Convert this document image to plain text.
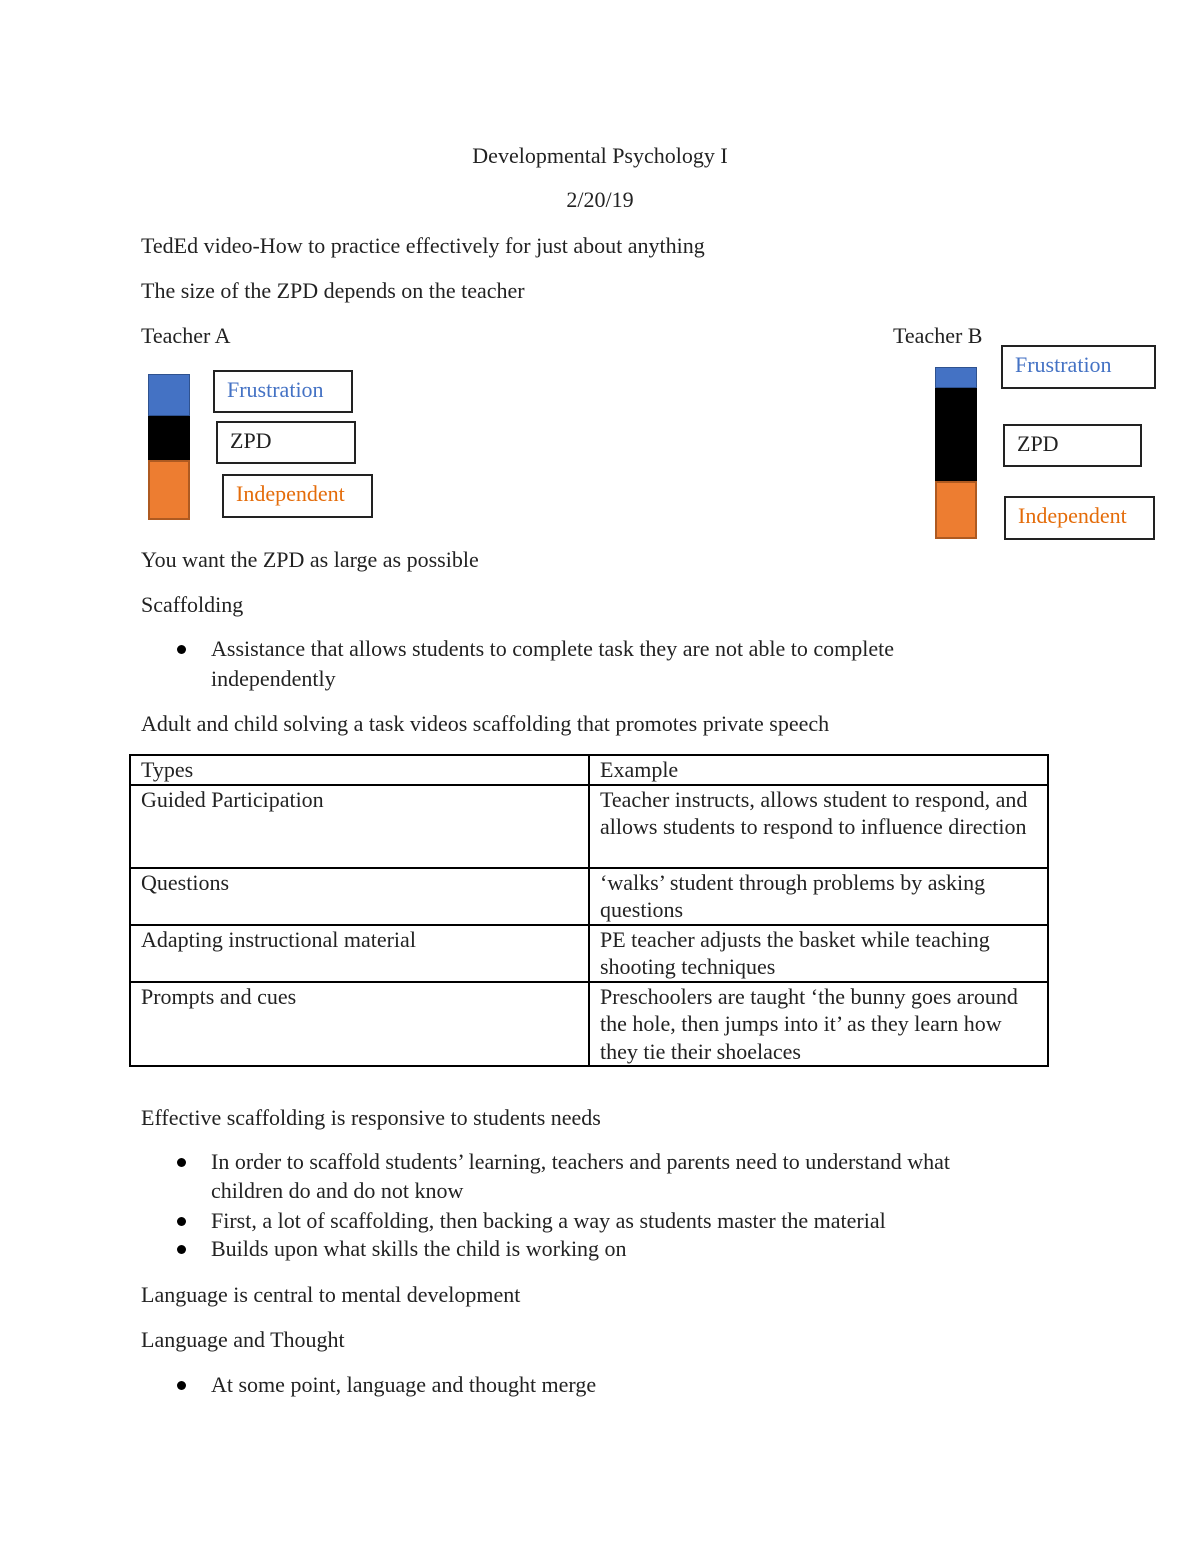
Developmental Psychology I
2/20/19
TedEd video-How to practice effectively for just about anything
The size of the ZPD depends on the teacher
Teacher A
Frustration
ZPD
Independent
Teacher B
Frustration
ZPD
Independent
You want the ZPD as large as possible
Scaffolding
Assistance that allows students to complete task they are not able to complete
independently
Adult and child solving a task videos scaffolding that promotes private speech
Types	Example
Guided Participation	Teacher instructs, allows student to respond, and allows students to respond to influence direction
Questions	‘walks’ student through problems by asking questions
Adapting instructional material	PE teacher adjusts the basket while teaching shooting techniques
Prompts and cues	Preschoolers are taught ‘the bunny goes around the hole, then jumps into it’ as they learn how they tie their shoelaces
Effective scaffolding is responsive to students needs
In order to scaffold students’ learning, teachers and parents need to understand what
children do and do not know
First, a lot of scaffolding, then backing a way as students master the material
Builds upon what skills the child is working on
Language is central to mental development
Language and Thought
At some point, language and thought merge
